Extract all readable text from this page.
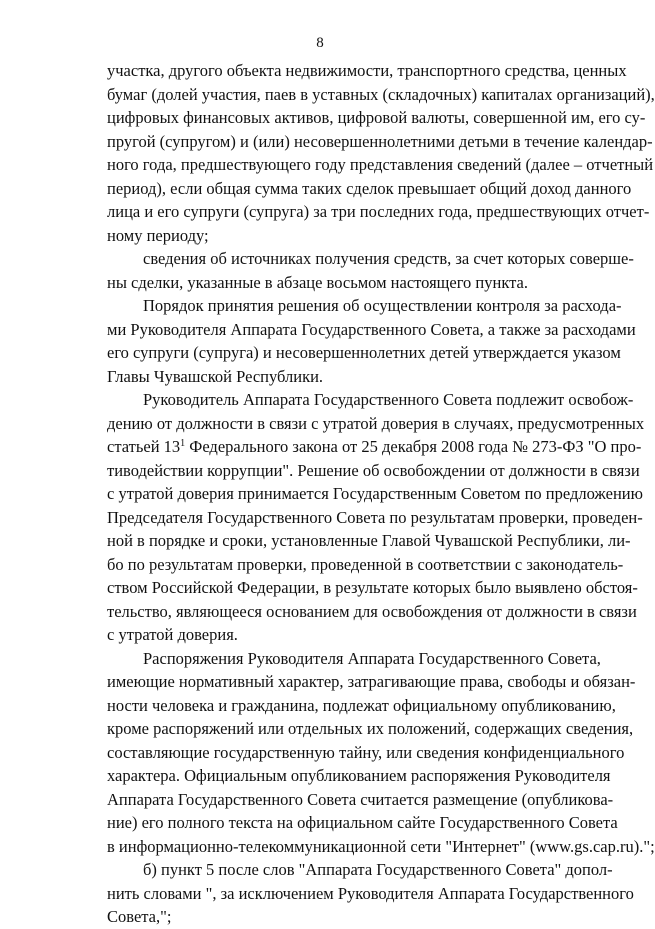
8
участка, другого объекта недвижимости, транспортного средства, ценных
бумаг (долей участия, паев в уставных (складочных) капиталах организаций),
цифровых финансовых активов, цифровой валюты, совершенной им, его су-
пругой (супругом) и (или) несовершеннолетними детьми в течение календар-
ного года, предшествующего году представления сведений (далее – отчетный
период), если общая сумма таких сделок превышает общий доход данного
лица и его супруги (супруга) за три последних года, предшествующих отчет-
ному периоду;
сведения об источниках получения средств, за счет которых соверше-
ны сделки, указанные в абзаце восьмом настоящего пункта.
Порядок принятия решения об осуществлении контроля за расхода-
ми Руководителя Аппарата Государственного Совета, а также за расходами
его супруги (супруга) и несовершеннолетних детей утверждается указом
Главы Чувашской Республики.
Руководитель Аппарата Государственного Совета подлежит освобож-
дению от должности в связи с утратой доверия в случаях, предусмотренных
статьей $13^1$ Федерального закона от 25 декабря 2008 года № 273-ФЗ "О про-
тиводействии коррупции". Решение об освобождении от должности в связи
с утратой доверия принимается Государственным Советом по предложению
Председателя Государственного Совета по результатам проверки, проведен-
ной в порядке и сроки, установленные Главой Чувашской Республики, ли-
бо по результатам проверки, проведенной в соответствии с законодатель-
ством Российской Федерации, в результате которых было выявлено обстоя-
тельство, являющееся основанием для освобождения от должности в связи
с утратой доверия.
Распоряжения Руководителя Аппарата Государственного Совета,
имеющие нормативный характер, затрагивающие права, свободы и обязан-
ности человека и гражданина, подлежат официальному опубликованию,
кроме распоряжений или отдельных их положений, содержащих сведения,
составляющие государственную тайну, или сведения конфиденциального
характера. Официальным опубликованием распоряжения Руководителя
Аппарата Государственного Совета считается размещение (опубликова-
ние) его полного текста на официальном сайте Государственного Совета
в информационно-телекоммуникационной сети "Интернет" (www.gs.cap.ru).";
б) пункт 5 после слов "Аппарата Государственного Совета" допол-
нить словами ", за исключением Руководителя Аппарата Государственного
Совета,";
